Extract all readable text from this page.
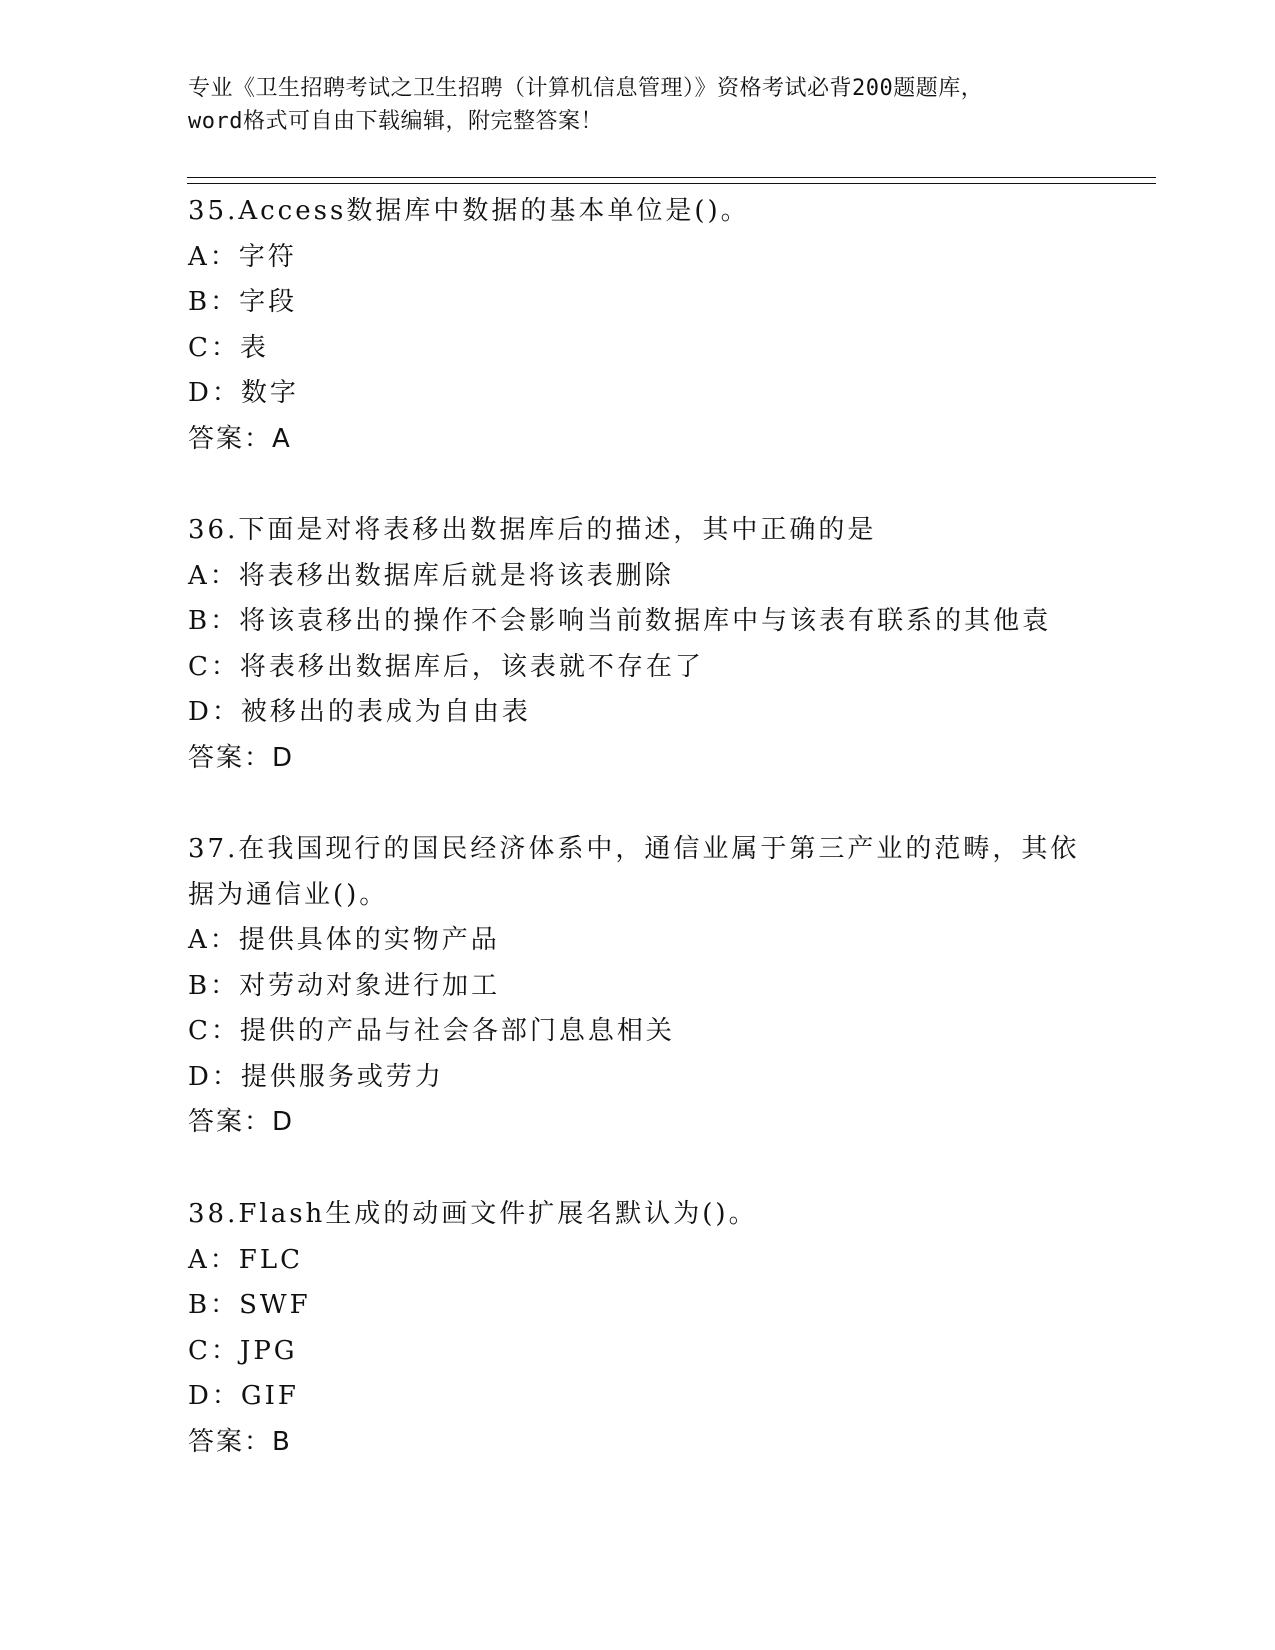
专业《卫生招聘考试之卫生招聘（计算机信息管理）》资格考试必背200题题库，
word格式可自由下载编辑，附完整答案！
35.Access数据库中数据的基本单位是()。
A：字符
B：字段
C：表
D：数字
答案：A
36.下面是对将表移出数据库后的描述，其中正确的是
A：将表移出数据库后就是将该表删除
B：将该袁移出的操作不会影响当前数据库中与该表有联系的其他袁
C：将表移出数据库后，该表就不存在了
D：被移出的表成为自由表
答案：D
37.在我国现行的国民经济体系中，通信业属于第三产业的范畴，其依
据为通信业()。
A：提供具体的实物产品
B：对劳动对象进行加工
C：提供的产品与社会各部门息息相关
D：提供服务或劳力
答案：D
38.Flash生成的动画文件扩展名默认为()。
A：FLC
B：SWF
C：JPG
D：GIF
答案：B
